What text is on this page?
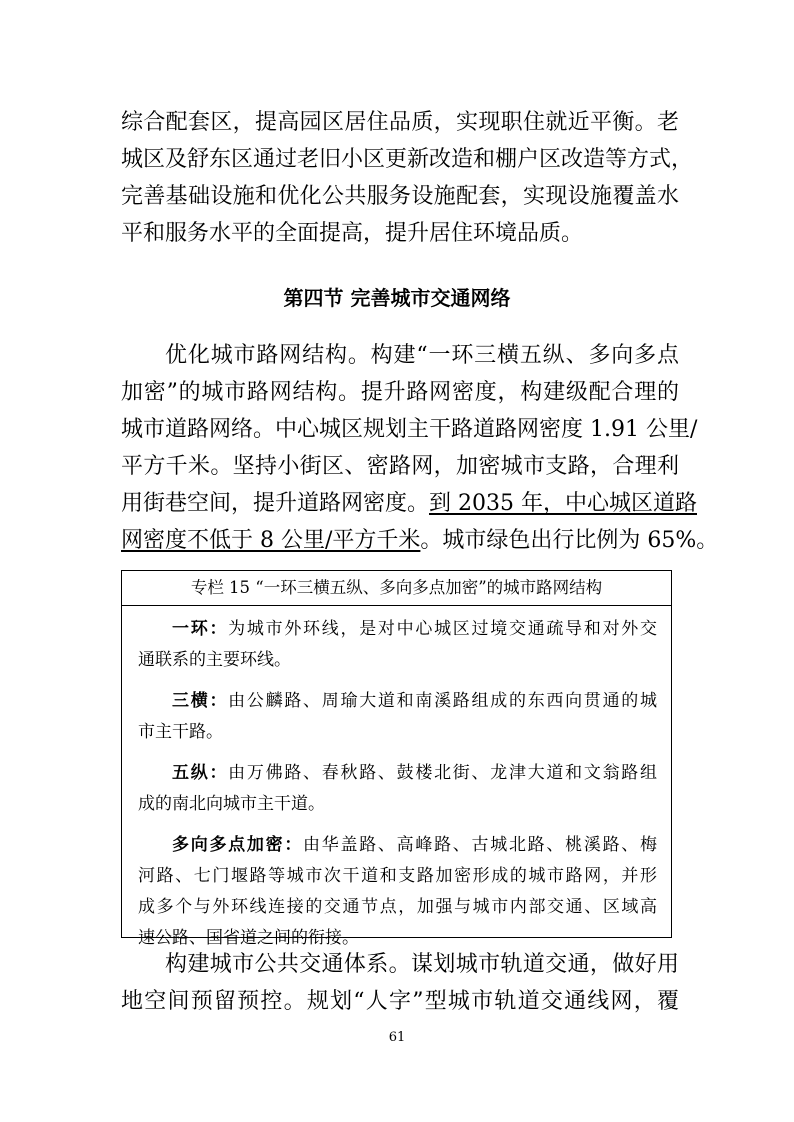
综合配套区，提高园区居住品质，实现职住就近平衡。老
城区及舒东区通过老旧小区更新改造和棚户区改造等方式，
完善基础设施和优化公共服务设施配套，实现设施覆盖水
平和服务水平的全面提高，提升居住环境品质。
第四节 完善城市交通网络
优化城市路网结构。构建“一环三横五纵、多向多点
加密”的城市路网结构。提升路网密度，构建级配合理的
城市道路网络。中心城区规划主干路道路网密度 1.91 公里/
平方千米。坚持小街区、密路网，加密城市支路，合理利
用街巷空间，提升道路网密度。到 2035 年，中心城区道路
网密度不低于 8 公里/平方千米。城市绿色出行比例为 65%。
专栏 15 “一环三横五纵、多向多点加密”的城市路网结构

一环：为城市外环线，是对中心城区过境交通疏导和对外交
通联系的主要环线。

三横：由公麟路、周瑜大道和南溪路组成的东西向贯通的城
市主干路。

五纵：由万佛路、春秋路、鼓楼北街、龙津大道和文翁路组
成的南北向城市主干道。

多向多点加密：由华盖路、高峰路、古城北路、桃溪路、梅
河路、七门堰路等城市次干道和支路加密形成的城市路网，并形
成多个与外环线连接的交通节点，加强与城市内部交通、区域高
速公路、国省道之间的衔接。

构建城市公共交通体系。谋划城市轨道交通，做好用
地空间预留预控。规划“人字”型城市轨道交通线网，覆
61
